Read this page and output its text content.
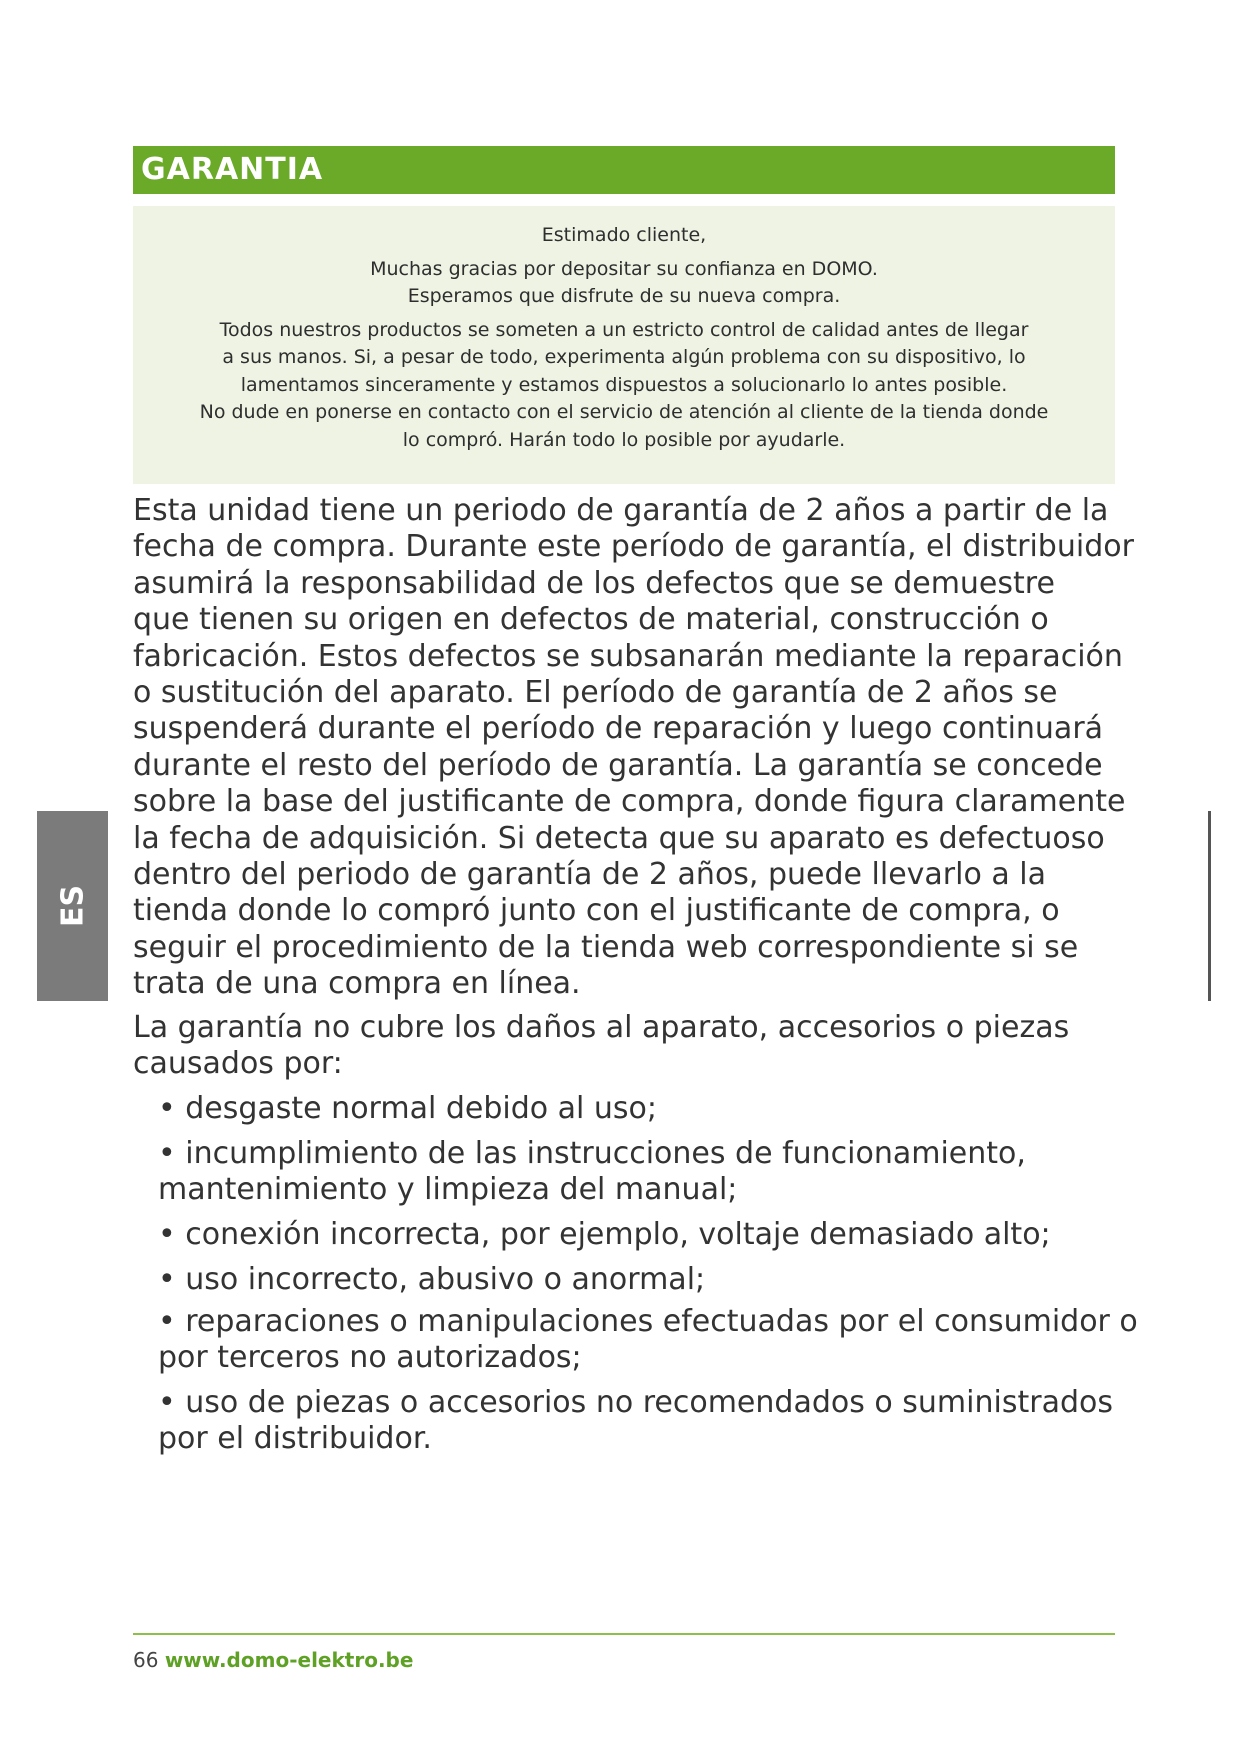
GARANTIA
Estimado cliente,
Muchas gracias por depositar su confianza en DOMO.
Esperamos que disfrute de su nueva compra.
Todos nuestros productos se someten a un estricto control de calidad antes de llegar
a sus manos. Si, a pesar de todo, experimenta algún problema con su dispositivo, lo
lamentamos sinceramente y estamos dispuestos a solucionarlo lo antes posible.
No dude en ponerse en contacto con el servicio de atención al cliente de la tienda donde
lo compró. Harán todo lo posible por ayudarle.
Esta unidad tiene un periodo de garantía de 2 años a partir de la
fecha de compra. Durante este período de garantía, el distribuidor
asumirá la responsabilidad de los defectos que se demuestre
que tienen su origen en defectos de material, construcción o
fabricación. Estos defectos se subsanarán mediante la reparación
o sustitución del aparato. El período de garantía de 2 años se
suspenderá durante el período de reparación y luego continuará
durante el resto del período de garantía. La garantía se concede
sobre la base del justificante de compra, donde figura claramente
la fecha de adquisición. Si detecta que su aparato es defectuoso
dentro del periodo de garantía de 2 años, puede llevarlo a la
tienda donde lo compró junto con el justificante de compra, o
seguir el procedimiento de la tienda web correspondiente si se
trata de una compra en línea.
La garantía no cubre los daños al aparato, accesorios o piezas
causados por:
• desgaste normal debido al uso;
• incumplimiento de las instrucciones de funcionamiento,
mantenimiento y limpieza del manual;
• conexión incorrecta, por ejemplo, voltaje demasiado alto;
• uso incorrecto, abusivo o anormal;
• reparaciones o manipulaciones efectuadas por el consumidor o
por terceros no autorizados;
• uso de piezas o accesorios no recomendados o suministrados
por el distribuidor.
ES
66 www.domo-elektro.be
